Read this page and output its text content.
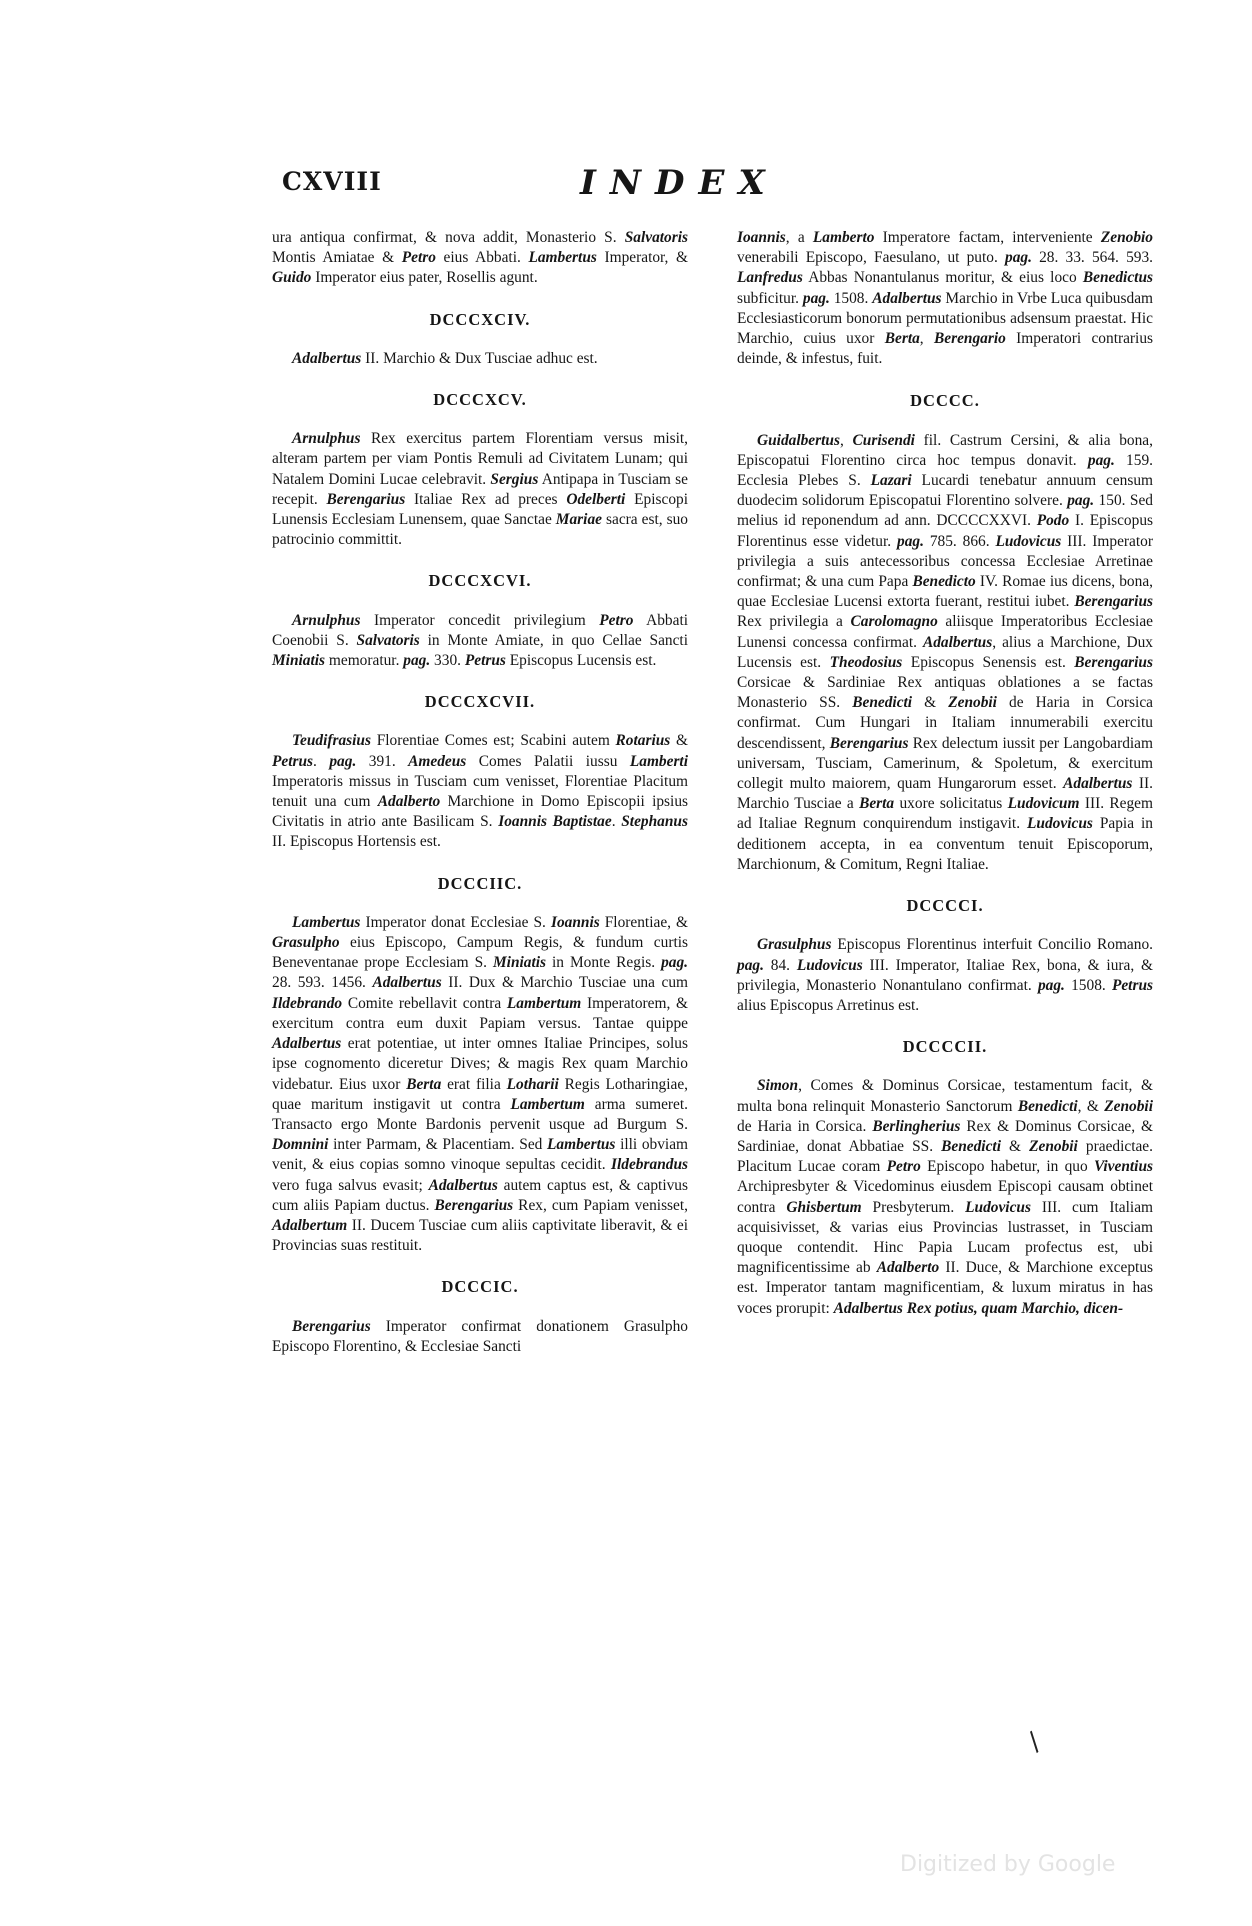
CXVIII	INDEX

ura antiqua confirmat, & nova addit, Monasterio S. Salvatoris Montis Amiatae & Petro eius Abbati. Lambertus Imperator, & Guido Imperator eius pater, Rosellis agunt.

DCCCXCIV.

Adalbertus II. Marchio & Dux Tusciae adhuc est.

DCCCXCV.

Arnulphus Rex exercitus partem Florentiam versus misit, alteram partem per viam Pontis Remuli ad Civitatem Lunam; qui Natalem Domini Lucae celebravit. Sergius Antipapa in Tusciam se recepit. Berengarius Italiae Rex ad preces Odelberti Episcopi Lunensis Ecclesiam Lunensem, quae Sanctae Mariae sacra est, suo patrocinio committit.

DCCCXCVI.

Arnulphus Imperator concedit privilegium Petro Abbati Coenobii S. Salvatoris in Monte Amiate, in quo Cellae Sancti Miniatis memoratur. pag. 330. Petrus Episcopus Lucensis est.

DCCCXCVII.

Teudifrasius Florentiae Comes est; Scabini autem Rotarius & Petrus. pag. 391. Amedeus Comes Palatii iussu Lamberti Imperatoris missus in Tusciam cum venisset, Florentiae Placitum tenuit una cum Adalberto Marchione in Domo Episcopii ipsius Civitatis in atrio ante Basilicam S. Ioannis Baptistae. Stephanus II. Episcopus Hortensis est.

DCCCIIC.

Lambertus Imperator donat Ecclesiae S. Ioannis Florentiae, & Grasulpho eius Episcopo, Campum Regis, & fundum curtis Beneventanae prope Ecclesiam S. Miniatis in Monte Regis. pag. 28. 593. 1456. Adalbertus II. Dux & Marchio Tusciae una cum Ildebrando Comite rebellavit contra Lambertum Imperatorem, & exercitum contra eum duxit Papiam versus. Tantae quippe Adalbertus erat potentiae, ut inter omnes Italiae Principes, solus ipse cognomento diceretur Dives; & magis Rex quam Marchio videbatur. Eius uxor Berta erat filia Lotharii Regis Lotharingiae, quae maritum instigavit ut contra Lambertum arma sumeret. Transacto ergo Monte Bardonis pervenit usque ad Burgum S. Domnini inter Parmam, & Placentiam. Sed Lambertus illi obviam venit, & eius copias somno vinoque sepultas cecidit. Ildebrandus vero fuga salvus evasit; Adalbertus autem captus est, & captivus cum aliis Papiam ductus. Berengarius Rex, cum Papiam venisset, Adalbertum II. Ducem Tusciae cum aliis captivitate liberavit, & ei Provincias suas restituit.

DCCCIC.

Berengarius Imperator confirmat donationem Grasulpho Episcopo Florentino, & Ecclesiae Sancti

Ioannis, a Lamberto Imperatore factam, interveniente Zenobio venerabili Episcopo, Faesulano, ut puto. pag. 28. 33. 564. 593. Lanfredus Abbas Nonantulanus moritur, & eius loco Benedictus subficitur. pag. 1508. Adalbertus Marchio in Vrbe Luca quibusdam Ecclesiasticorum bonorum permutationibus adsensum praestat. Hic Marchio, cuius uxor Berta, Berengario Imperatori contrarius deinde, & infestus, fuit.

DCCCC.

Guidalbertus, Curisendi fil. Castrum Cersini, & alia bona, Episcopatui Florentino circa hoc tempus donavit. pag. 159. Ecclesia Plebes S. Lazari Lucardi tenebatur annuum censum duodecim solidorum Episcopatui Florentino solvere. pag. 150. Sed melius id reponendum ad ann. DCCCCXXVI. Podo I. Episcopus Florentinus esse videtur. pag. 785. 866. Ludovicus III. Imperator privilegia a suis antecessoribus concessa Ecclesiae Arretinae confirmat; & una cum Papa Benedicto IV. Romae ius dicens, bona, quae Ecclesiae Lucensi extorta fuerant, restitui iubet. Berengarius Rex privilegia a Carolomagno aliisque Imperatoribus Ecclesiae Lunensi concessa confirmat. Adalbertus, alius a Marchione, Dux Lucensis est. Theodosius Episcopus Senensis est. Berengarius Corsicae & Sardiniae Rex antiquas oblationes a se factas Monasterio SS. Benedicti & Zenobii de Haria in Corsica confirmat. Cum Hungari in Italiam innumerabili exercitu descendissent, Berengarius Rex delectum iussit per Langobardiam universam, Tusciam, Camerinum, & Spoletum, & exercitum collegit multo maiorem, quam Hungarorum esset. Adalbertus II. Marchio Tusciae a Berta uxore solicitatus Ludovicum III. Regem ad Italiae Regnum conquirendum instigavit. Ludovicus Papia in deditionem accepta, in ea conventum tenuit Episcoporum, Marchionum, & Comitum, Regni Italiae.

DCCCCI.

Grasulphus Episcopus Florentinus interfuit Concilio Romano. pag. 84. Ludovicus III. Imperator, Italiae Rex, bona, & iura, & privilegia, Monasterio Nonantulano confirmat. pag. 1508. Petrus alius Episcopus Arretinus est.

DCCCCII.

Simon, Comes & Dominus Corsicae, testamentum facit, & multa bona relinquit Monasterio Sanctorum Benedicti, & Zenobii de Haria in Corsica. Berlingherius Rex & Dominus Corsicae, & Sardiniae, donat Abbatiae SS. Benedicti & Zenobii praedictae. Placitum Lucae coram Petro Episcopo habetur, in quo Viventius Archipresbyter & Vicedominus eiusdem Episcopi causam obtinet contra Ghisbertum Presbyterum. Ludovicus III. cum Italiam acquisivisset, & varias eius Provincias lustrasset, in Tusciam quoque contendit. Hinc Papia Lucam profectus est, ubi magnificentissime ab Adalberto II. Duce, & Marchione exceptus est. Imperator tantam magnificentiam, & luxum miratus in has voces prorupit: Adalbertus Rex potius, quam Marchio, dicen-

Digitized by Google
/
